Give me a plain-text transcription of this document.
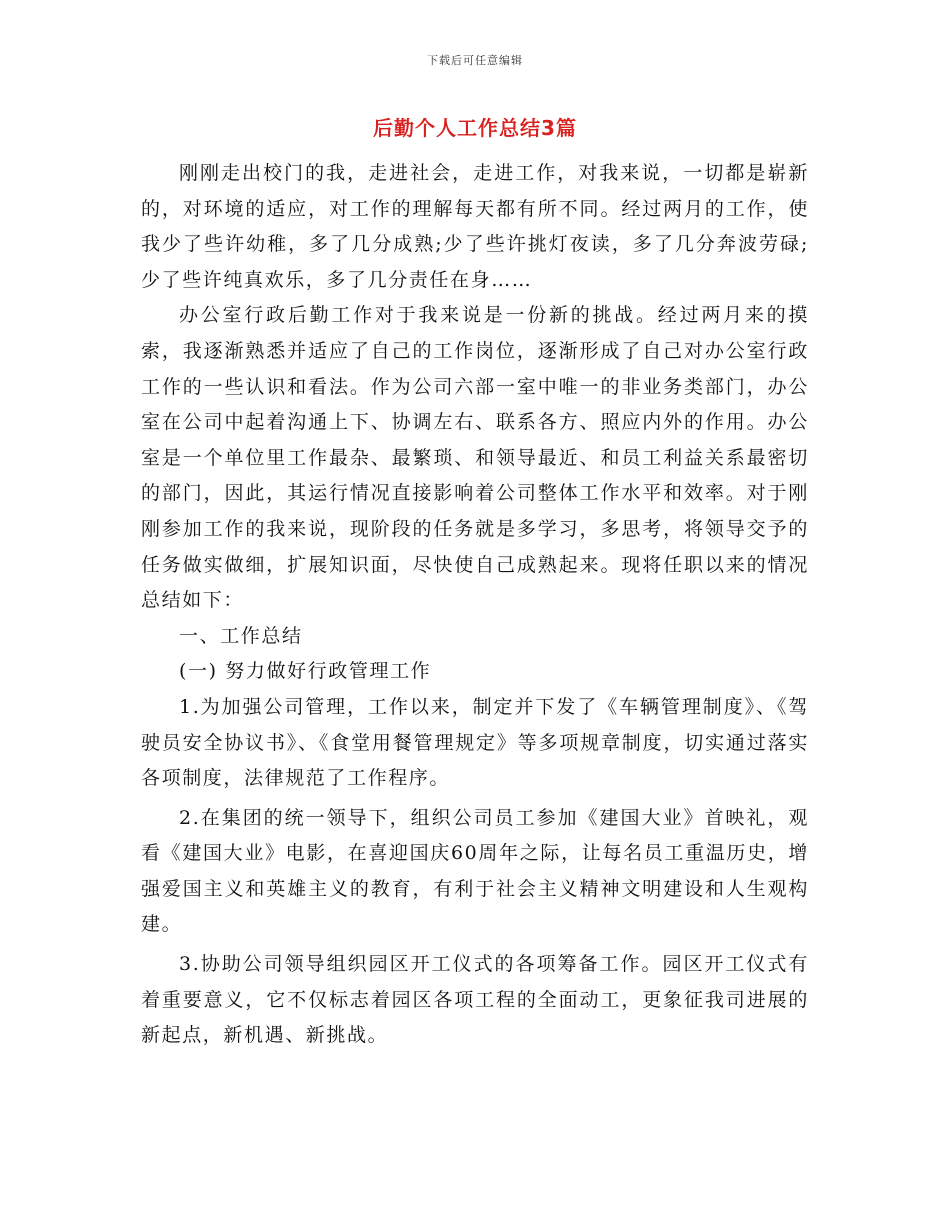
下载后可任意编辑
后勤个人工作总结3篇

刚刚走出校门的我，走进社会，走进工作，对我来说，一切都是崭新的，对环境的适应，对工作的理解每天都有所不同。经过两月的工作，使我少了些许幼稚，多了几分成熟;少了些许挑灯夜读，多了几分奔波劳碌;少了些许纯真欢乐，多了几分责任在身……

办公室行政后勤工作对于我来说是一份新的挑战。经过两月来的摸索，我逐渐熟悉并适应了自己的工作岗位，逐渐形成了自己对办公室行政工作的一些认识和看法。作为公司六部一室中唯一的非业务类部门，办公室在公司中起着沟通上下、协调左右、联系各方、照应内外的作用。办公室是一个单位里工作最杂、最繁琐、和领导最近、和员工利益关系最密切的部门，因此，其运行情况直接影响着公司整体工作水平和效率。对于刚刚参加工作的我来说，现阶段的任务就是多学习，多思考，将领导交予的任务做实做细，扩展知识面，尽快使自己成熟起来。现将任职以来的情况总结如下：

一、工作总结

(一) 努力做好行政管理工作

1.为加强公司管理，工作以来，制定并下发了《车辆管理制度》、《驾驶员安全协议书》、《食堂用餐管理规定》等多项规章制度，切实通过落实各项制度，法律规范了工作程序。

2.在集团的统一领导下，组织公司员工参加《建国大业》首映礼，观看《建国大业》电影，在喜迎国庆60周年之际，让每名员工重温历史，增强爱国主义和英雄主义的教育，有利于社会主义精神文明建设和人生观构建。

3.协助公司领导组织园区开工仪式的各项筹备工作。园区开工仪式有着重要意义，它不仅标志着园区各项工程的全面动工，更象征我司进展的新起点，新机遇、新挑战。
